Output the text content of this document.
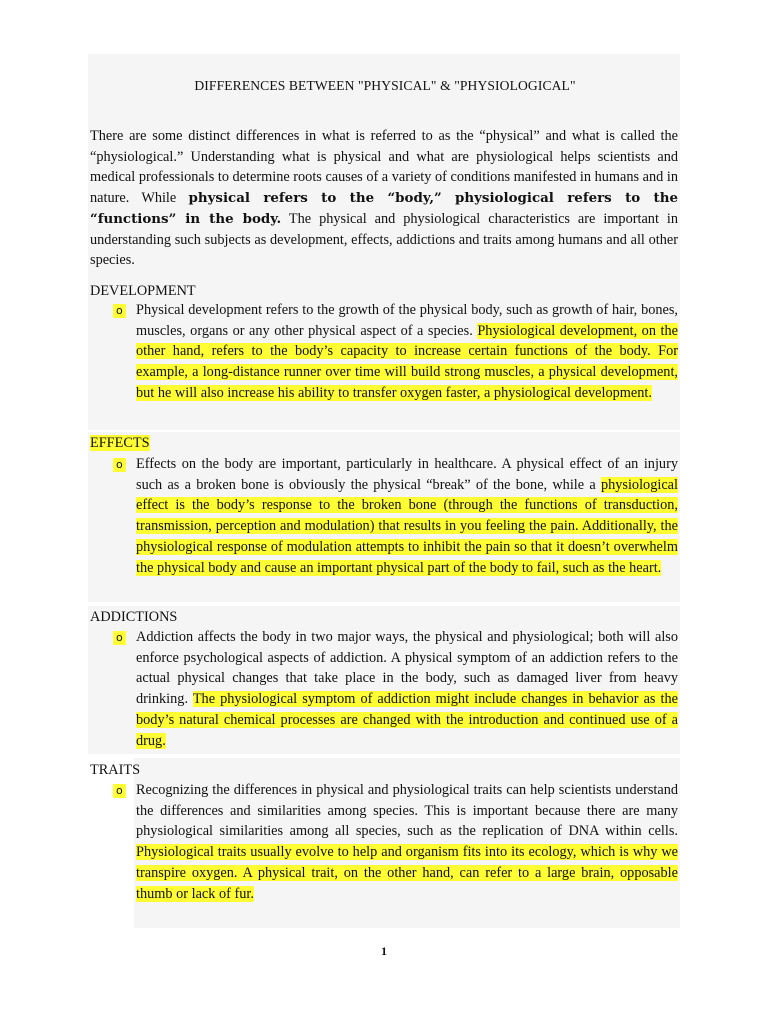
DIFFERENCES BETWEEN "PHYSICAL" & "PHYSIOLOGICAL"
There are some distinct differences in what is referred to as the “physical” and what is called the “physiological.” Understanding what is physical and what are physiological helps scientists and medical professionals to determine roots causes of a variety of conditions manifested in humans and in nature. While physical refers to the “body,” physiological refers to the “functions” in the body. The physical and physiological characteristics are important in understanding such subjects as development, effects, addictions and traits among humans and all other species.
DEVELOPMENT
o Physical development refers to the growth of the physical body, such as growth of hair, bones, muscles, organs or any other physical aspect of a species. Physiological development, on the other hand, refers to the body’s capacity to increase certain functions of the body. For example, a long-distance runner over time will build strong muscles, a physical development, but he will also increase his ability to transfer oxygen faster, a physiological development.
EFFECTS
o Effects on the body are important, particularly in healthcare. A physical effect of an injury such as a broken bone is obviously the physical “break” of the bone, while a physiological effect is the body’s response to the broken bone (through the functions of transduction, transmission, perception and modulation) that results in you feeling the pain. Additionally, the physiological response of modulation attempts to inhibit the pain so that it doesn’t overwhelm the physical body and cause an important physical part of the body to fail, such as the heart.
ADDICTIONS
o Addiction affects the body in two major ways, the physical and physiological; both will also enforce psychological aspects of addiction. A physical symptom of an addiction refers to the actual physical changes that take place in the body, such as damaged liver from heavy drinking. The physiological symptom of addiction might include changes in behavior as the body’s natural chemical processes are changed with the introduction and continued use of a drug.
TRAITS
o Recognizing the differences in physical and physiological traits can help scientists understand the differences and similarities among species. This is important because there are many physiological similarities among all species, such as the replication of DNA within cells. Physiological traits usually evolve to help and organism fits into its ecology, which is why we transpire oxygen. A physical trait, on the other hand, can refer to a large brain, opposable thumb or lack of fur.
1
